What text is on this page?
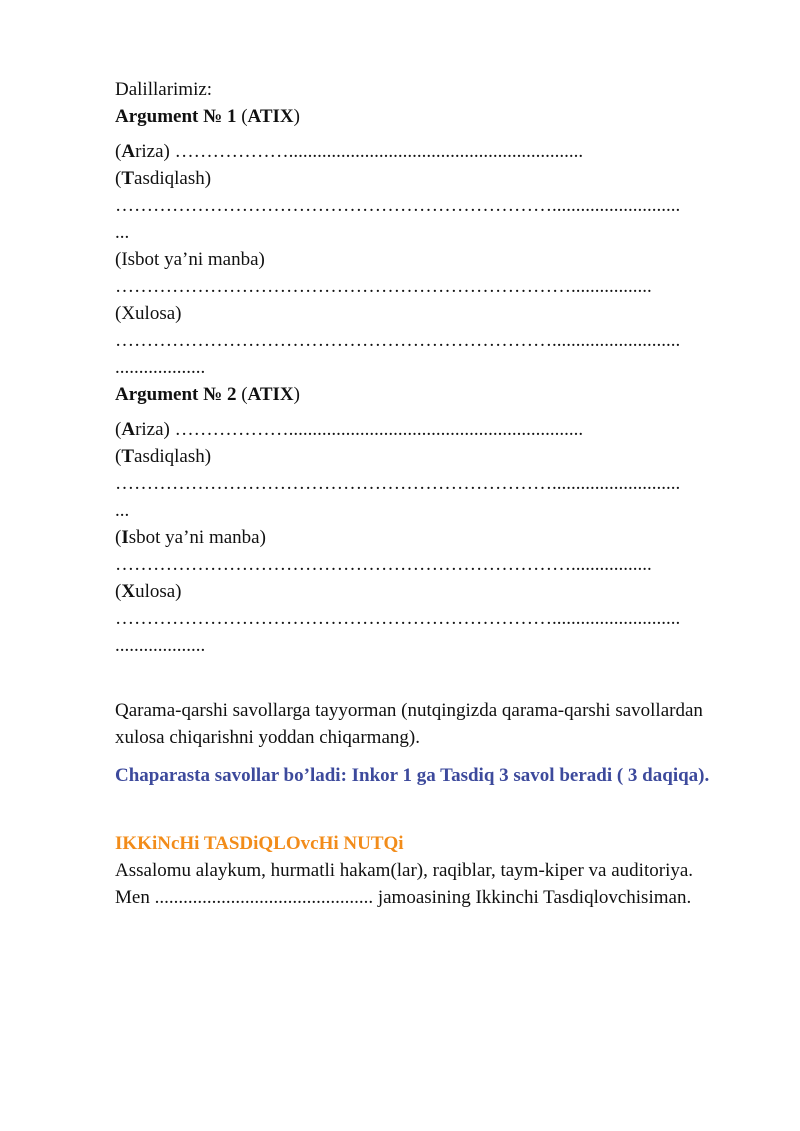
Dalillarimiz:
Argument № 1 (ATIX)
(Ariza) ………………..............................................................
(Tasdiqlash)
……………………………………………………………...........................
...
(Isbot ya’ni manba)
……………………………………………………………….................
(Xulosa)
……………………………………………………………...........................
...................
Argument № 2 (ATIX)
(Ariza) ………………..............................................................
(Tasdiqlash)
……………………………………………………………...........................
...
(Isbot ya’ni manba)
……………………………………………………………….................
(Xulosa)
……………………………………………………………...........................
...................
Qarama-qarshi savollarga tayyorman (nutqingizda qarama-qarshi savollardan xulosa chiqarishni yoddan chiqarmang).
Chaparasta savollar bo’ladi: Inkor 1 ga Tasdiq 3 savol beradi ( 3 daqiqa).
IKKiNcHi TASDiQLOvcHi NUTQi
Assalomu alaykum, hurmatli hakam(lar), raqiblar, taym-kiper va auditoriya.
Men .............................................. jamoasining Ikkinchi Tasdiqlovchisiman.
